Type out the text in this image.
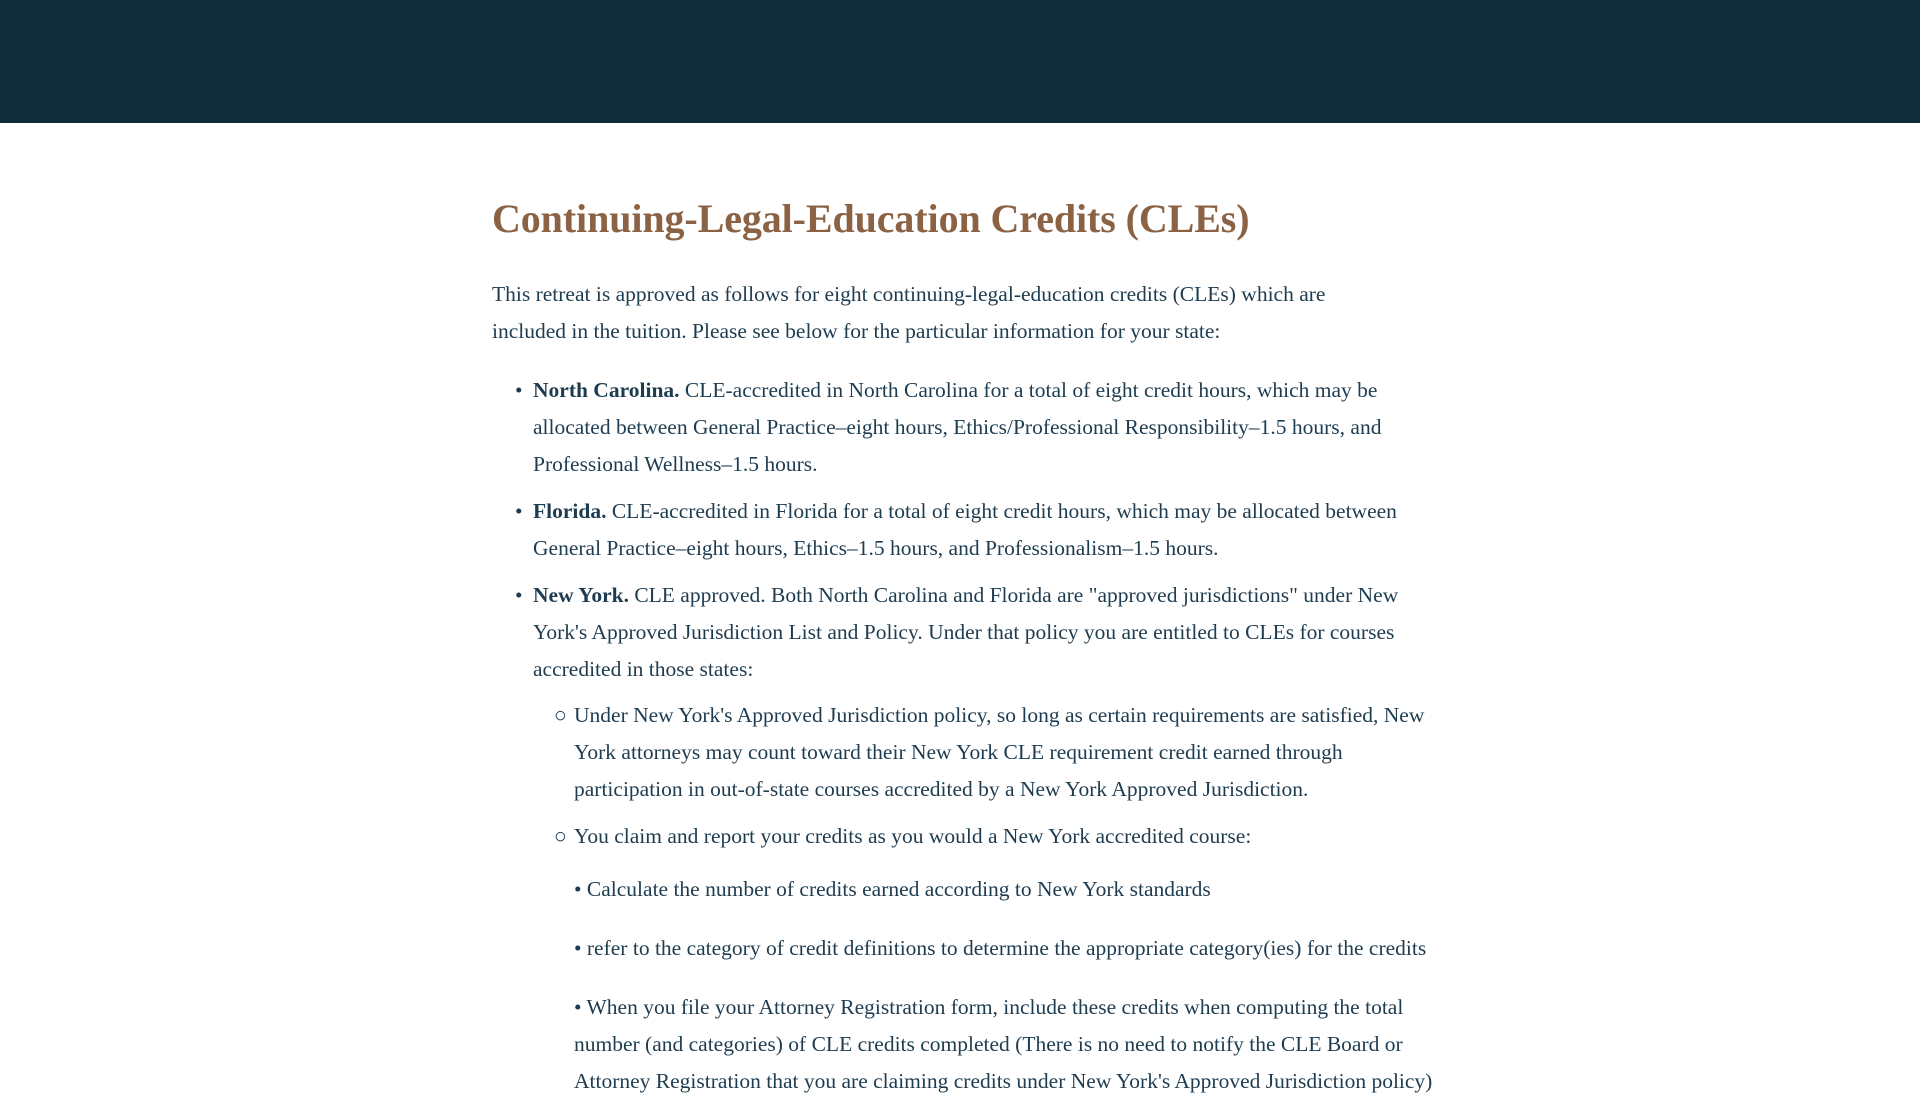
Continuing-Legal-Education Credits (CLEs)

This retreat is approved as follows for eight continuing-legal-education credits (CLEs) which are included in the tuition. Please see below for the particular information for your state:

• North Carolina. CLE-accredited in North Carolina for a total of eight credit hours, which may be allocated between General Practice–eight hours, Ethics/Professional Responsibility–1.5 hours, and Professional Wellness–1.5 hours.
• Florida. CLE-accredited in Florida for a total of eight credit hours, which may be allocated between General Practice–eight hours, Ethics–1.5 hours, and Professionalism–1.5 hours.
• New York. CLE approved. Both North Carolina and Florida are "approved jurisdictions" under New York's Approved Jurisdiction List and Policy. Under that policy you are entitled to CLEs for courses accredited in those states:
○ Under New York's Approved Jurisdiction policy, so long as certain requirements are satisfied, New York attorneys may count toward their New York CLE requirement credit earned through participation in out-of-state courses accredited by a New York Approved Jurisdiction.
○ You claim and report your credits as you would a New York accredited course:

• Calculate the number of credits earned according to New York standards

• refer to the category of credit definitions to determine the appropriate category(ies) for the credits

• When you file your Attorney Registration form, include these credits when computing the total number (and categories) of CLE credits completed (There is no need to notify the CLE Board or Attorney Registration that you are claiming credits under New York's Approved Jurisdiction policy)
